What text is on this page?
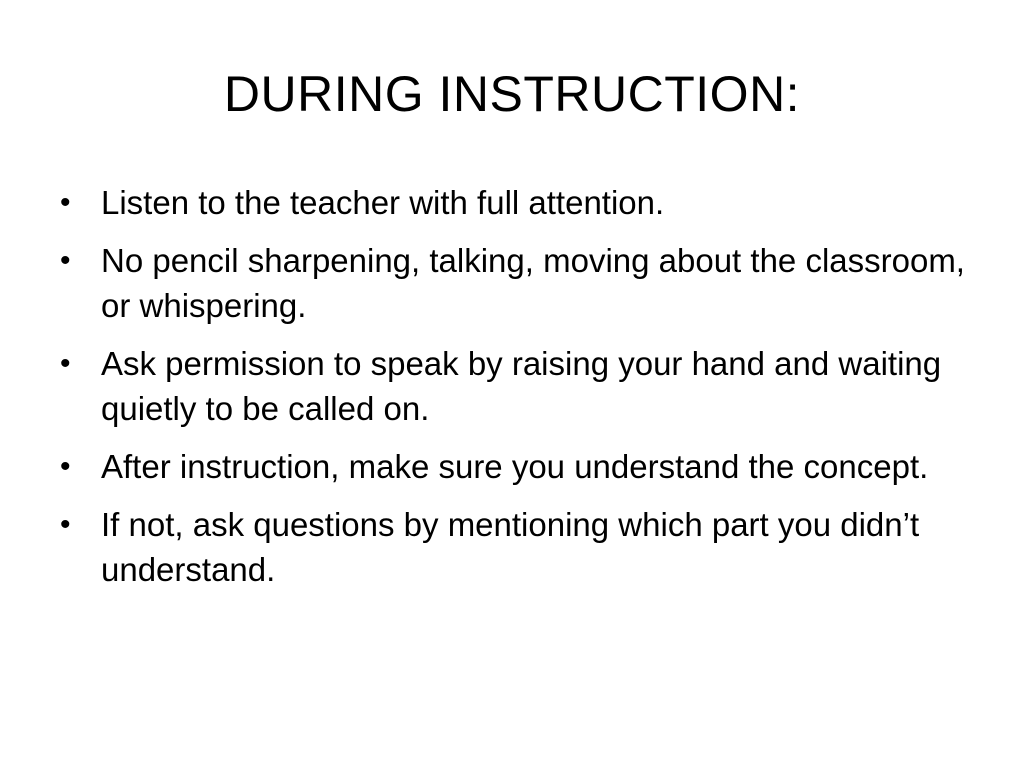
DURING INSTRUCTION:
• Listen to the teacher with full attention.
• No pencil sharpening, talking, moving about the classroom, or whispering.
• Ask permission to speak by raising your hand and waiting quietly to be called on.
• After instruction, make sure you understand the concept.
• If not, ask questions by mentioning which part you didn’t understand.
